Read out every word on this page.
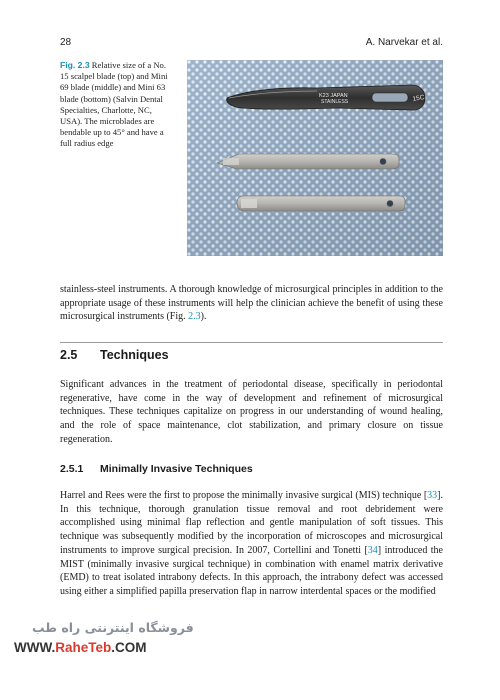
28	A. Narvekar et al.
Fig. 2.3 Relative size of a No. 15 scalpel blade (top) and Mini 69 blade (middle) and Mini 63 blade (bottom) (Salvin Dental Specialties, Charlotte, NC, USA). The microblades are bendable up to 45° and have a full radius edge
K23 JAPAN
STAINLESS	15C

stainless-steel instruments. A thorough knowledge of microsurgical principles in addition to the appropriate usage of these instruments will help the clinician achieve the benefit of using these microsurgical instruments (Fig. 2.3).

2.5 Techniques

Significant advances in the treatment of periodontal disease, specifically in periodontal regenerative, have come in the way of development and refinement of microsurgical techniques. These techniques capitalize on progress in our understanding of wound healing, and the role of space maintenance, clot stabilization, and primary closure on tissue regeneration.

2.5.1 Minimally Invasive Techniques

Harrel and Rees were the first to propose the minimally invasive surgical (MIS) technique [33]. In this technique, thorough granulation tissue removal and root debridement were accomplished using minimal flap reflection and gentle manipulation of soft tissues. This technique was subsequently modified by the incorporation of microscopes and microsurgical instruments to improve surgical precision. In 2007, Cortellini and Tonetti [34] introduced the MIST (minimally invasive surgical technique) in combination with enamel matrix derivative (EMD) to treat isolated intrabony defects. In this approach, the intrabony defect was accessed using either a simplified papilla preservation flap in narrow interdental spaces or the modified

فروشگاه اینترنتی راه طب
WWW.RaheTeb.COM
